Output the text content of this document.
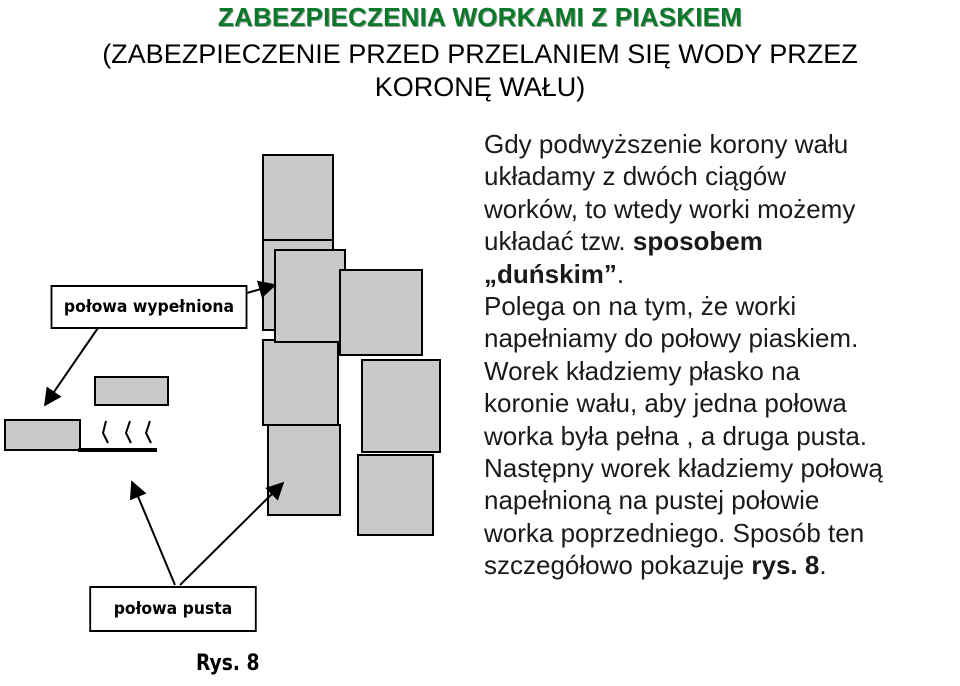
ZABEZPIECZENIA WORKAMI Z PIASKIEM
(ZABEZPIECZENIE PRZED PRZELANIEM SIĘ WODY PRZEZ
KORONĘ WAŁU)
połowa wypełniona
połowa pusta
Rys. 8

Gdy podwyższenie korony wału
układamy z dwóch ciągów
worków, to wtedy worki możemy
układać tzw. sposobem
„duńskim”.

Polega on na tym, że worki
napełniamy do połowy piaskiem.
Worek kładziemy płasko na
koronie wału, aby jedna połowa
worka była pełna , a druga pusta.
Następny worek kładziemy połową
napełnioną na pustej połowie
worka poprzedniego. Sposób ten
szczegółowo pokazuje rys. 8.
